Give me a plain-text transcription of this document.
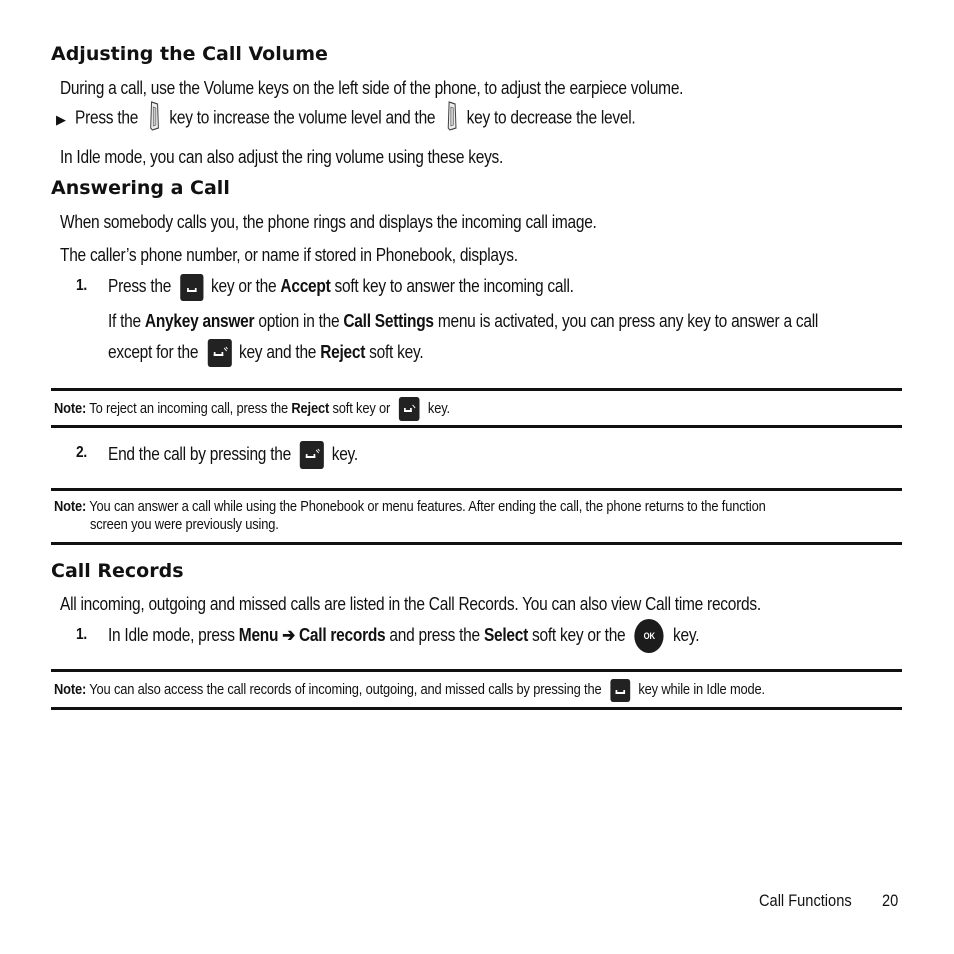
Adjusting the Call Volume
During a call, use the Volume keys on the left side of the phone, to adjust the earpiece volume.
▶ Press the key to increase the volume level and the key to decrease the level.
In Idle mode, you can also adjust the ring volume using these keys.
Answering a Call
When somebody calls you, the phone rings and displays the incoming call image.
The caller’s phone number, or name if stored in Phonebook, displays.
1.	Press the key or the Accept soft key to answer the incoming call.
If the Anykey answer option in the Call Settings menu is activated, you can press any key to answer a call
except for the key and the Reject soft key.
Note: To reject an incoming call, press the Reject soft key or	key.
2. End the call by pressing the key.
Note: You can answer a call while using the Phonebook or menu features. After ending the call, the phone returns to the function
screen you were previously using.
Call Records
All incoming, outgoing and missed calls are listed in the Call Records. You can also view Call time records.
1. In Idle mode, press Menu ➔ Call records and press the Select soft key or the	OK	key.
Note: You can also access the call records of incoming, outgoing, and missed calls by pressing the key while in Idle mode.
Call Functions 20
